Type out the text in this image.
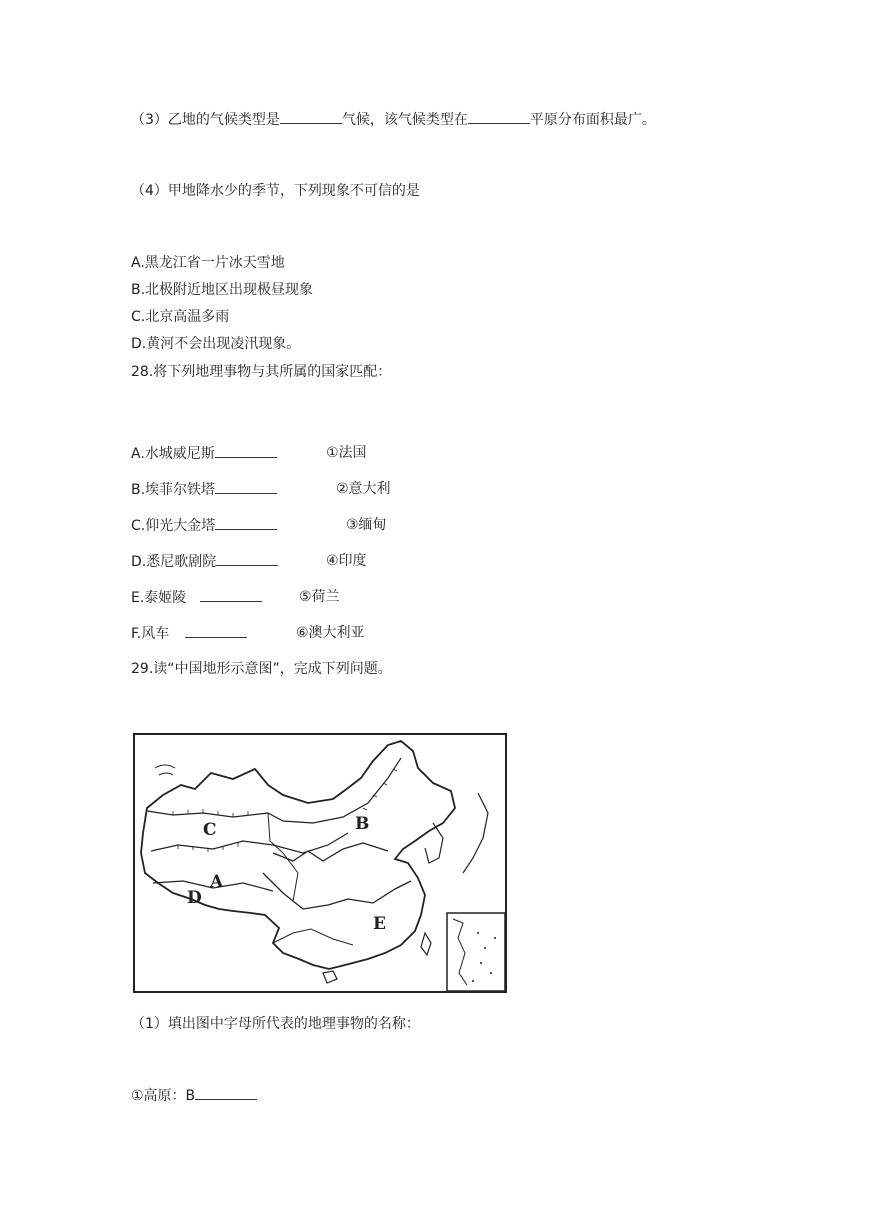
（3）乙地的气候类型是	气候，该气候类型在	平原分布面积最广。
（4）甲地降水少的季节，下列现象不可信的是
A.黑龙江省一片冰天雪地
B.北极附近地区出现极昼现象
C.北京高温多雨
D.黄河不会出现凌汛现象。
28.将下列地理事物与其所属的国家匹配：
A.水城威尼斯	①法国
B.埃菲尔铁塔	②意大利
C.仰光大金塔	③缅甸
D.悉尼歌剧院	④印度
E.泰姬陵	⑤荷兰
F.风车	⑥澳大利亚
29.读“中国地形示意图”，完成下列问题。
C	B
A
D
E
（1）填出图中字母所代表的地理事物的名称：
①高原：B
